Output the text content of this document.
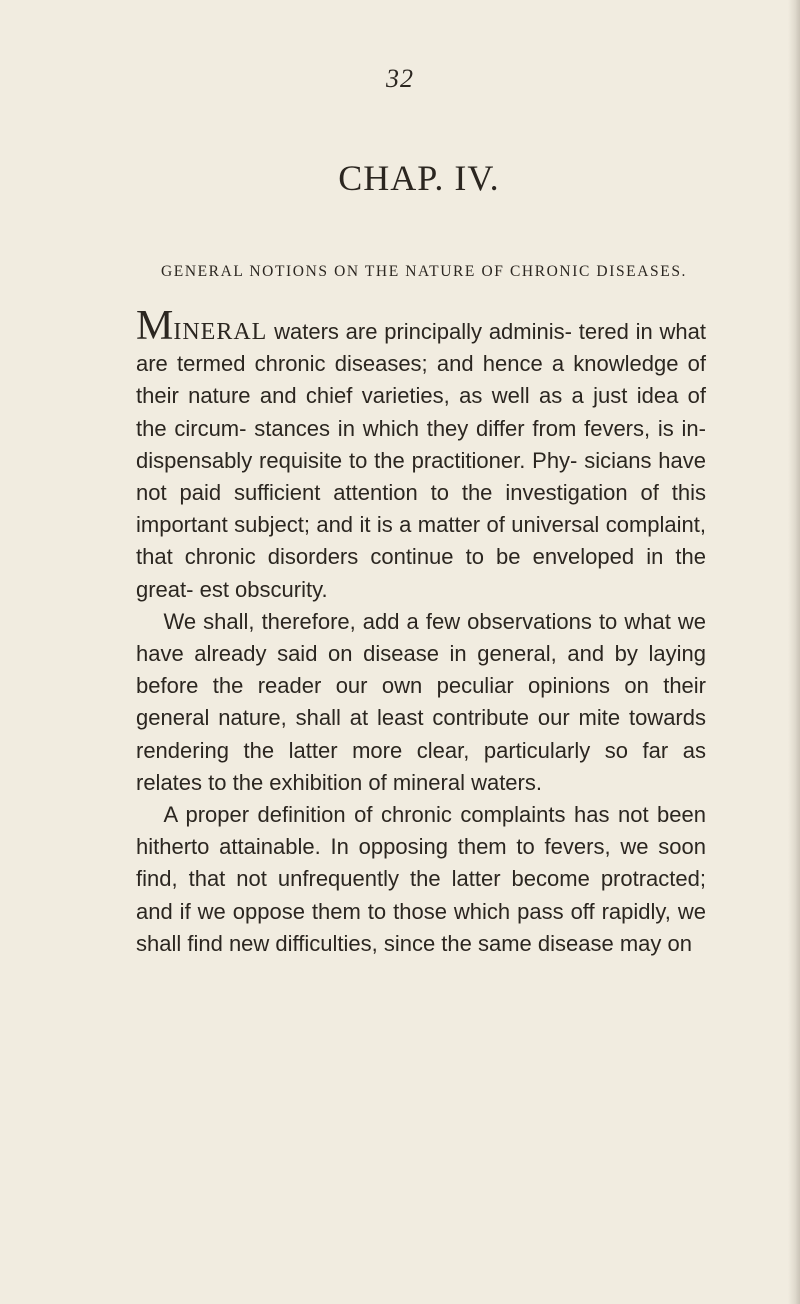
32
CHAP. IV.
GENERAL NOTIONS ON THE NATURE OF CHRONIC DISEASES.

MINERAL waters are principally adminis- tered in what are termed chronic diseases; and hence a knowledge of their nature and chief varieties, as well as a just idea of the circum- stances in which they differ from fevers, is in- dispensably requisite to the practitioner. Phy- sicians have not paid sufficient attention to the investigation of this important subject; and it is a matter of universal complaint, that chronic disorders continue to be enveloped in the great- est obscurity.

We shall, therefore, add a few observations to what we have already said on disease in general, and by laying before the reader our own peculiar opinions on their general nature, shall at least contribute our mite towards rendering the latter more clear, particularly so far as relates to the exhibition of mineral waters.

A proper definition of chronic complaints has not been hitherto attainable. In opposing them to fevers, we soon find, that not unfrequently the latter become protracted; and if we oppose them to those which pass off rapidly, we shall find new difficulties, since the same disease may on
